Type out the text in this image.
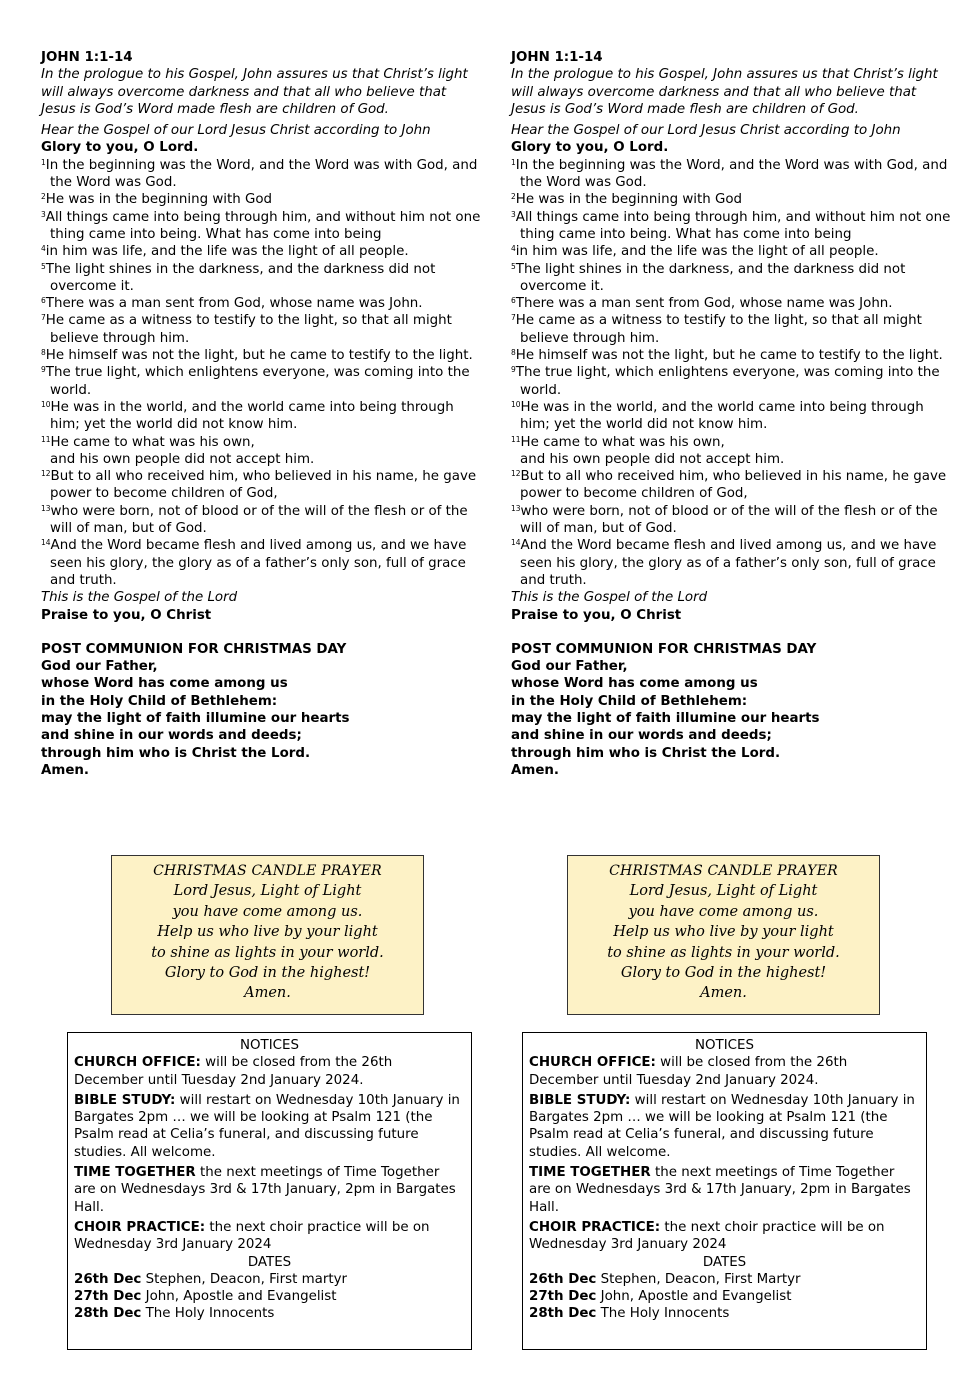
JOHN 1:1-14
In the prologue to his Gospel, John assures us that Christ’s light will always overcome darkness and that all who believe that Jesus is God’s Word made flesh are children of God.
Hear the Gospel of our Lord Jesus Christ according to John
Glory to you, O Lord.
$^1$In the beginning was the Word, and the Word was with God, and the Word was God.
$^2$He was in the beginning with God
$^3$All things came into being through him, and without him not one thing came into being. What has come into being
$^4$in him was life, and the life was the light of all people.
$^5$The light shines in the darkness, and the darkness did not overcome it.
$^6$There was a man sent from God, whose name was John.
$^7$He came as a witness to testify to the light, so that all might believe through him.
$^8$He himself was not the light, but he came to testify to the light.
$^9$The true light, which enlightens everyone, was coming into the world.
$^{10}$He was in the world, and the world came into being through him; yet the world did not know him.
$^{11}$He came to what was his own,
and his own people did not accept him.
$^{12}$But to all who received him, who believed in his name, he gave power to become children of God,
$^{13}$who were born, not of blood or of the will of the flesh or of the will of man, but of God.
$^{14}$And the Word became flesh and lived among us, and we have seen his glory, the glory as of a father’s only son, full of grace and truth.
This is the Gospel of the Lord
Praise to you, O Christ
POST COMMUNION FOR CHRISTMAS DAY
God our Father,
whose Word has come among us
in the Holy Child of Bethlehem:
may the light of faith illumine our hearts
and shine in our words and deeds;
through him who is Christ the Lord.
Amen.
JOHN 1:1-14
In the prologue to his Gospel, John assures us that Christ’s light will always overcome darkness and that all who believe that Jesus is God’s Word made flesh are children of God.
Hear the Gospel of our Lord Jesus Christ according to John
Glory to you, O Lord.
$^1$In the beginning was the Word, and the Word was with God, and the Word was God.
$^2$He was in the beginning with God
$^3$All things came into being through him, and without him not one thing came into being. What has come into being
$^4$in him was life, and the life was the light of all people.
$^5$The light shines in the darkness, and the darkness did not overcome it.
$^6$There was a man sent from God, whose name was John.
$^7$He came as a witness to testify to the light, so that all might believe through him.
$^8$He himself was not the light, but he came to testify to the light.
$^9$The true light, which enlightens everyone, was coming into the world.
$^{10}$He was in the world, and the world came into being through him; yet the world did not know him.
$^{11}$He came to what was his own,
and his own people did not accept him.
$^{12}$But to all who received him, who believed in his name, he gave power to become children of God,
$^{13}$who were born, not of blood or of the will of the flesh or of the will of man, but of God.
$^{14}$And the Word became flesh and lived among us, and we have seen his glory, the glory as of a father’s only son, full of grace and truth.
This is the Gospel of the Lord
Praise to you, O Christ
POST COMMUNION FOR CHRISTMAS DAY
God our Father,
whose Word has come among us
in the Holy Child of Bethlehem:
may the light of faith illumine our hearts
and shine in our words and deeds;
through him who is Christ the Lord.
Amen.
CHRISTMAS CANDLE PRAYER
Lord Jesus, Light of Light
you have come among us.
Help us who live by your light
to shine as lights in your world.
Glory to God in the highest!
Amen.
CHRISTMAS CANDLE PRAYER
Lord Jesus, Light of Light
you have come among us.
Help us who live by your light
to shine as lights in your world.
Glory to God in the highest!
Amen.
NOTICES
CHURCH OFFICE: will be closed from the 26th December until Tuesday 2nd January 2024.
BIBLE STUDY: will restart on Wednesday 10th January in Bargates 2pm … we will be looking at Psalm 121 (the Psalm read at Celia’s funeral, and discussing future studies. All welcome.
TIME TOGETHER the next meetings of Time Together are on Wednesdays 3rd & 17th January, 2pm in Bargates Hall.
CHOIR PRACTICE: the next choir practice will be on Wednesday 3rd January 2024
DATES
26th Dec Stephen, Deacon, First martyr
27th Dec John, Apostle and Evangelist
28th Dec The Holy Innocents
NOTICES
CHURCH OFFICE: will be closed from the 26th December until Tuesday 2nd January 2024.
BIBLE STUDY: will restart on Wednesday 10th January in Bargates 2pm … we will be looking at Psalm 121 (the Psalm read at Celia’s funeral, and discussing future studies. All welcome.
TIME TOGETHER the next meetings of Time Together are on Wednesdays 3rd & 17th January, 2pm in Bargates Hall.
CHOIR PRACTICE: the next choir practice will be on Wednesday 3rd January 2024
DATES
26th Dec Stephen, Deacon, First Martyr
27th Dec John, Apostle and Evangelist
28th Dec The Holy Innocents
